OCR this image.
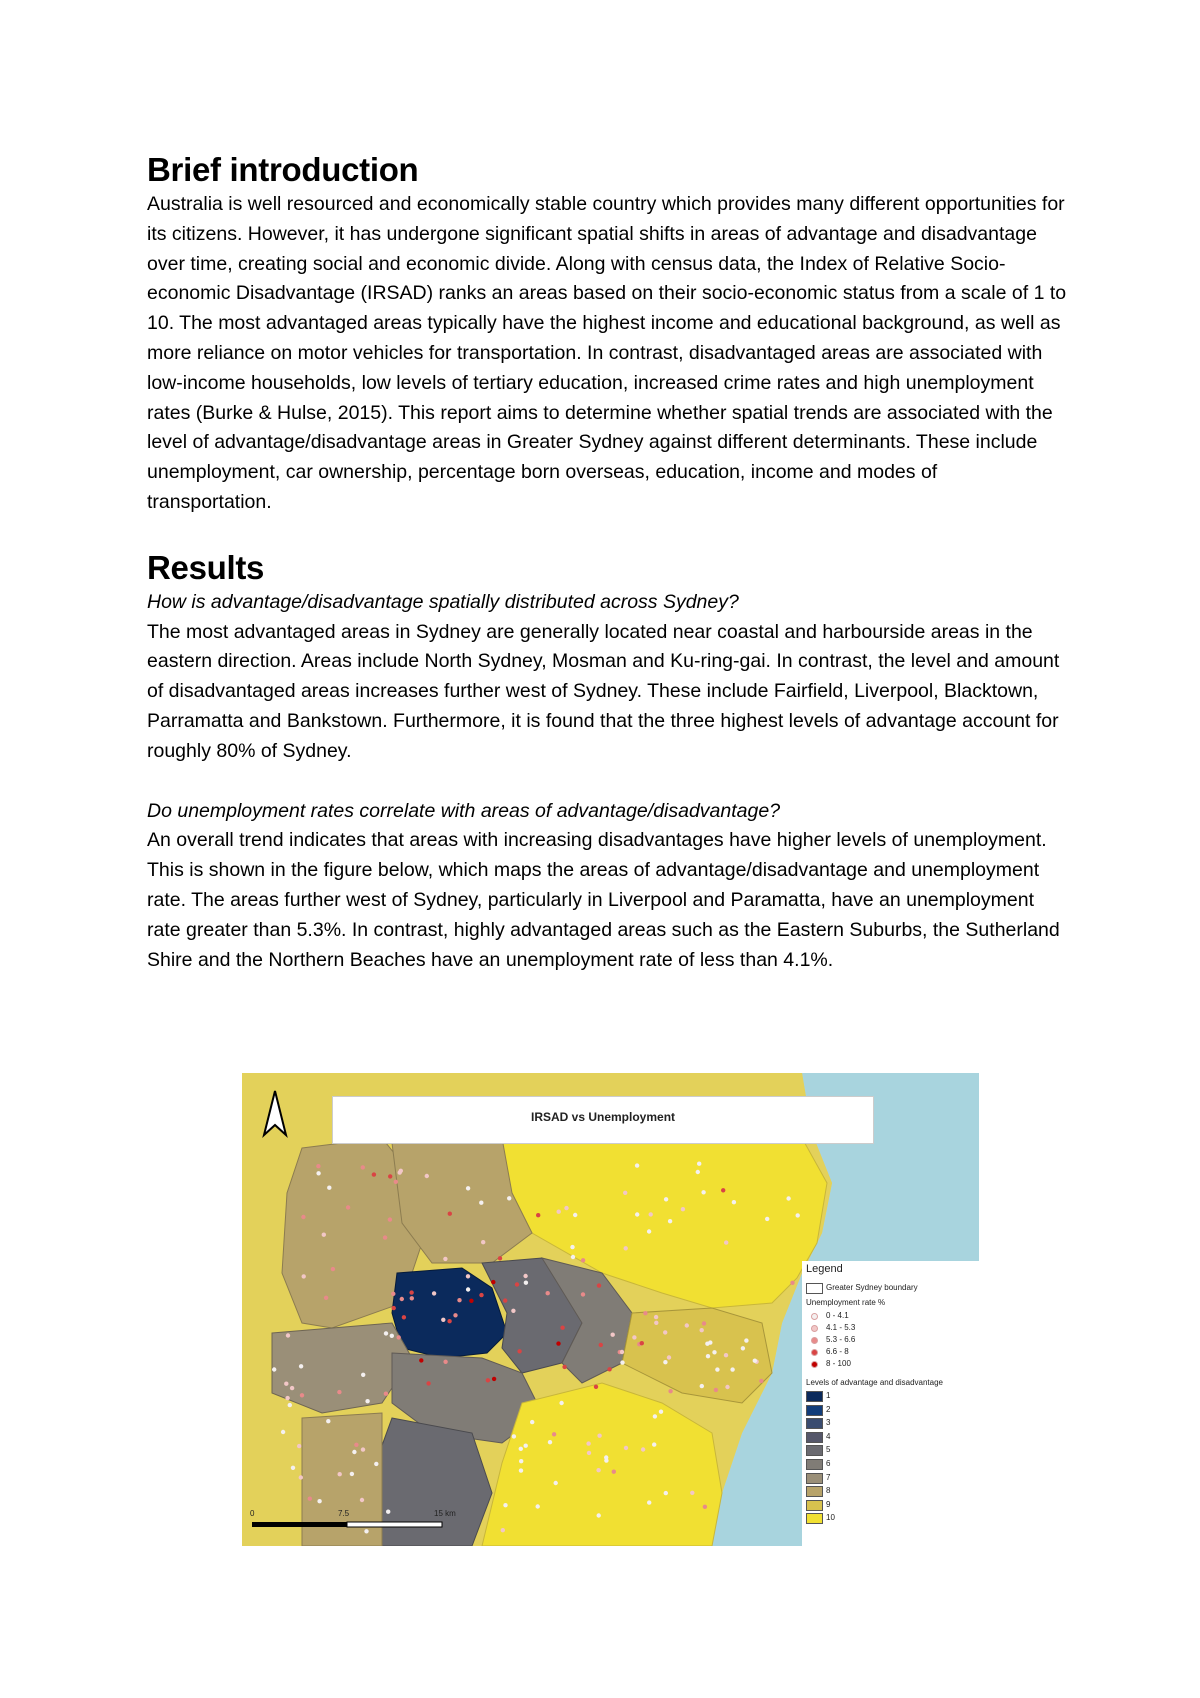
Brief introduction

Australia is well resourced and economically stable country which provides many different opportunities for its citizens. However, it has undergone significant spatial shifts in areas of advantage and disadvantage over time, creating social and economic divide. Along with census data, the Index of Relative Socio-economic Disadvantage (IRSAD) ranks an areas based on their socio-economic status from a scale of 1 to 10. The most advantaged areas typically have the highest income and educational background, as well as more reliance on motor vehicles for transportation. In contrast, disadvantaged areas are associated with low-income households, low levels of tertiary education, increased crime rates and high unemployment rates (Burke & Hulse, 2015). This report aims to determine whether spatial trends are associated with the level of advantage/disadvantage areas in Greater Sydney against different determinants. These include unemployment, car ownership, percentage born overseas, education, income and modes of transportation.

Results

How is advantage/disadvantage spatially distributed across Sydney?

The most advantaged areas in Sydney are generally located near coastal and harbourside areas in the eastern direction. Areas include North Sydney, Mosman and Ku-ring-gai. In contrast, the level and amount of disadvantaged areas increases further west of Sydney. These include Fairfield, Liverpool, Blacktown, Parramatta and Bankstown. Furthermore, it is found that the three highest levels of advantage account for roughly 80% of Sydney.

Do unemployment rates correlate with areas of advantage/disadvantage?

An overall trend indicates that areas with increasing disadvantages have higher levels of unemployment. This is shown in the figure below, which maps the areas of advantage/disadvantage and unemployment rate. The areas further west of Sydney, particularly in Liverpool and Paramatta, have an unemployment rate greater than 5.3%. In contrast, highly advantaged areas such as the Eastern Suburbs, the Sutherland Shire and the Northern Beaches have an unemployment rate of less than 4.1%.

IRSAD vs Unemployment
0	7.5	15 km
Legend
Greater Sydney boundary
Unemployment rate %
0 - 4.1
4.1 - 5.3
5.3 - 6.6
6.6 - 8
8 - 100
Levels of advantage and disadvantage
1
2
3
4
5
6
7
8
9
10
